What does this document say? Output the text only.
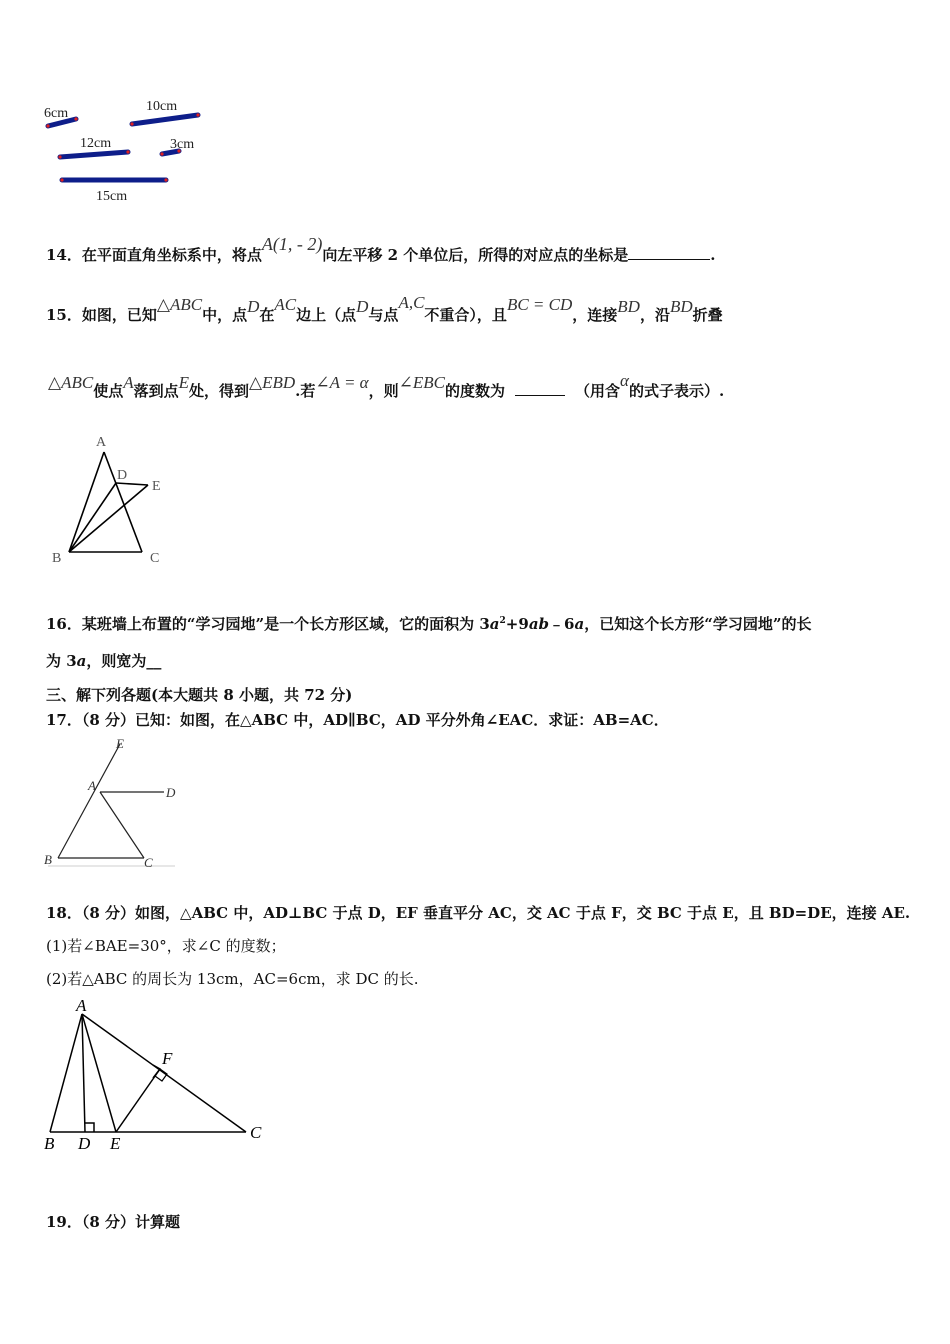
6cm	10cm
12cm	3cm
15cm
14．在平面直角坐标系中，将点A(1, - 2)向左平移 2 个单位后，所得的对应点的坐标是	.
15．如图，已知△ABC中，点D在AC边上（点D与点A,C不重合），且BC = CD，连接BD，沿BD折叠
△ABC使点A落到点E处，得到△EBD.若∠A = α，则∠EBC的度数为	（用含α的式子表示）.
A
D
E
B	C
16．某班墙上布置的“学习园地”是一个长方形区域，它的面积为 $3a^2+9ab﹣6a$，已知这个长方形“学习园地”的长
为 3a，则宽为__
三、解下列各题(本大题共 8 小题，共 72 分)
17．（8 分）已知：如图，在△ABC 中，AD∥BC，AD 平分外角∠EAC．求证：AB=AC．
E
A	D
B	C
18．（8 分）如图，△ABC 中，AD⊥BC 于点 D，EF 垂直平分 AC，交 AC 于点 F，交 BC 于点 E，且 BD=DE，连接 AE.
(1)若∠BAE=30°，求∠C 的度数；
(2)若△ABC 的周长为 13cm，AC=6cm，求 DC 的长.
A
F
B D E
C
19．（8 分）计算题
